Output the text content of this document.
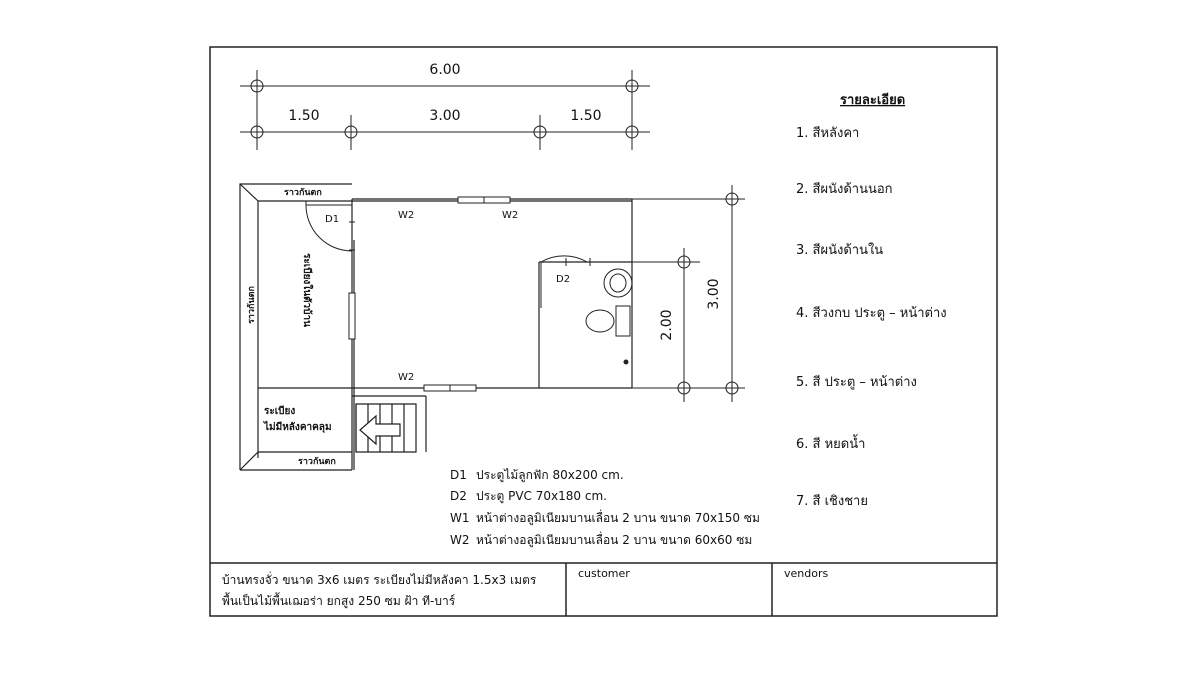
6.00
1.50	3.00	1.50
3.00
2.00
ราวกันตก
ราวกันตก
ราวกันตก	ระเบียงในตัวบ้าน
ระเบียง
ไม่มีหลังคาคลุม
D1
D2
W2	W2
W2
รายละเอียด
1. สีหลังคา
2. สีผนังด้านนอก
3. สีผนังด้านใน
4. สีวงกบ ประตู – หน้าต่าง
5. สี ประตู – หน้าต่าง
6. สี หยดน้ำ
7. สี เชิงชาย
D1 ประตูไม้ลูกฟัก 80x200 cm.
D2 ประตู PVC 70x180 cm.
W1 หน้าต่างอลูมิเนียมบานเลื่อน 2 บาน ขนาด 70x150 ซม
W2 หน้าต่างอลูมิเนียมบานเลื่อน 2 บาน ขนาด 60x60 ซม
บ้านทรงจั่ว ขนาด 3x6 เมตร ระเบียงไม่มีหลังคา 1.5x3 เมตร
พื้นเป็นไม้พื้นเฌอร่า ยกสูง 250 ซม ฝ้า ที-บาร์
customer	vendors
